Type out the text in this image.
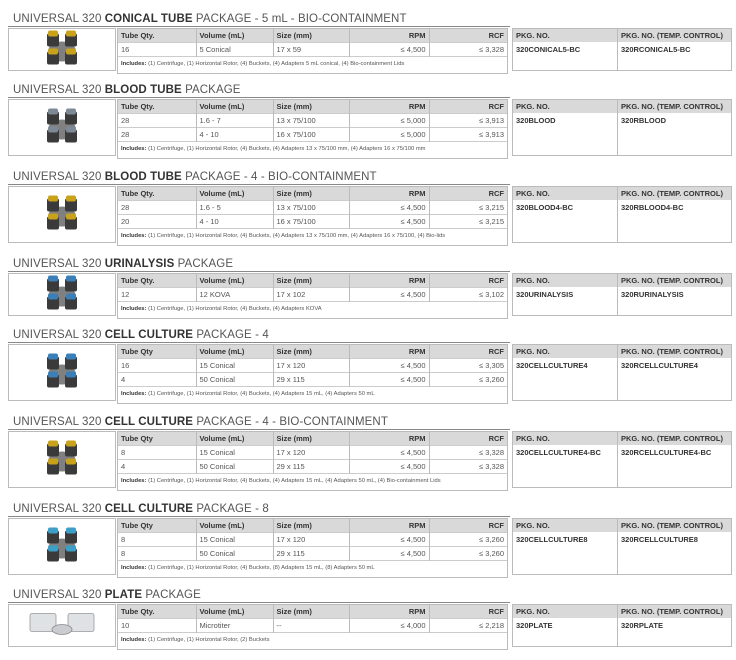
UNIVERSAL 320 CONICAL TUBE PACKAGE - 5 mL - BIO-CONTAINMENT
Tube Qty.	Volume (mL)	Size (mm)	RPM	RCF
16	5 Conical	17 x 59	≤ 4,500	≤ 3,328
Includes: (1) Centrifuge, (1) Horizontal Rotor, (4) Buckets, (4) Adapters 5 mL conical, (4) Bio-containment Lids				
PKG. NO.	PKG. NO. (TEMP. CONTROL)
320CONICAL5-BC	320RCONICAL5-BC
UNIVERSAL 320 BLOOD TUBE PACKAGE
Tube Qty.	Volume (mL)	Size (mm)	RPM	RCF
28	1.6 - 7	13 x 75/100	≤ 5,000	≤ 3,913
28	4 - 10	16 x 75/100	≤ 5,000	≤ 3,913
Includes: (1) Centrifuge, (1) Horizontal Rotor, (4) Buckets, (4) Adapters 13 x 75/100 mm, (4) Adapters 16 x 75/100 mm				
PKG. NO.	PKG. NO. (TEMP. CONTROL)
320BLOOD	320RBLOOD
UNIVERSAL 320 BLOOD TUBE PACKAGE - 4 - BIO-CONTAINMENT
Tube Qty.	Volume (mL)	Size (mm)	RPM	RCF
28	1.6 - 5	13 x 75/100	≤ 4,500	≤ 3,215
20	4 - 10	16 x 75/100	≤ 4,500	≤ 3,215
Includes: (1) Centrifuge, (1) Horizontal Rotor, (4) Buckets, (4) Adapters 13 x 75/100 mm, (4) Adapters 16 x 75/100, (4) Bio-lids				
PKG. NO.	PKG. NO. (TEMP. CONTROL)
320BLOOD4-BC	320RBLOOD4-BC
UNIVERSAL 320 URINALYSIS PACKAGE
Tube Qty.	Volume (mL)	Size (mm)	RPM	RCF
12	12 KOVA	17 x 102	≤ 4,500	≤ 3,102
Includes: (1) Centrifuge, (1) Horizontal Rotor, (4) Buckets, (4) Adapters KOVA				
PKG. NO.	PKG. NO. (TEMP. CONTROL)
320URINALYSIS	320RURINALYSIS
UNIVERSAL 320 CELL CULTURE PACKAGE - 4
Tube Qty	Volume (mL)	Size (mm)	RPM	RCF
16	15 Conical	17 x 120	≤ 4,500	≤ 3,305
4	50 Conical	29 x 115	≤ 4,500	≤ 3,260
Includes: (1) Centrifuge, (1) Horizontal Rotor, (4) Buckets, (4) Adapters 15 mL, (4) Adapters 50 mL				
PKG. NO.	PKG. NO. (TEMP. CONTROL)
320CELLCULTURE4	320RCELLCULTURE4
UNIVERSAL 320 CELL CULTURE PACKAGE - 4 - BIO-CONTAINMENT
Tube Qty	Volume (mL)	Size (mm)	RPM	RCF
8	15 Conical	17 x 120	≤ 4,500	≤ 3,328
4	50 Conical	29 x 115	≤ 4,500	≤ 3,328
Includes: (1) Centrifuge, (1) Horizontal Rotor, (4) Buckets, (4) Adapters 15 mL, (4) Adapters 50 mL, (4) Bio-containment Lids				
PKG. NO.	PKG. NO. (TEMP. CONTROL)
320CELLCULTURE4-BC	320RCELLCULTURE4-BC
UNIVERSAL 320 CELL CULTURE PACKAGE - 8
Tube Qty	Volume (mL)	Size (mm)	RPM	RCF
8	15 Conical	17 x 120	≤ 4,500	≤ 3,260
8	50 Conical	29 x 115	≤ 4,500	≤ 3,260
Includes: (1) Centrifuge, (1) Horizontal Rotor, (4) Buckets, (8) Adapters 15 mL, (8) Adapters 50 mL				
PKG. NO.	PKG. NO. (TEMP. CONTROL)
320CELLCULTURE8	320RCELLCULTURE8
UNIVERSAL 320 PLATE PACKAGE
Tube Qty.	Volume (mL)	Size (mm)	RPM	RCF
10	Microtiter	--	≤ 4,000	≤ 2,218
Includes: (1) Centrifuge, (1) Horizontal Rotor, (2) Buckets				
PKG. NO.	PKG. NO. (TEMP. CONTROL)
320PLATE	320RPLATE
